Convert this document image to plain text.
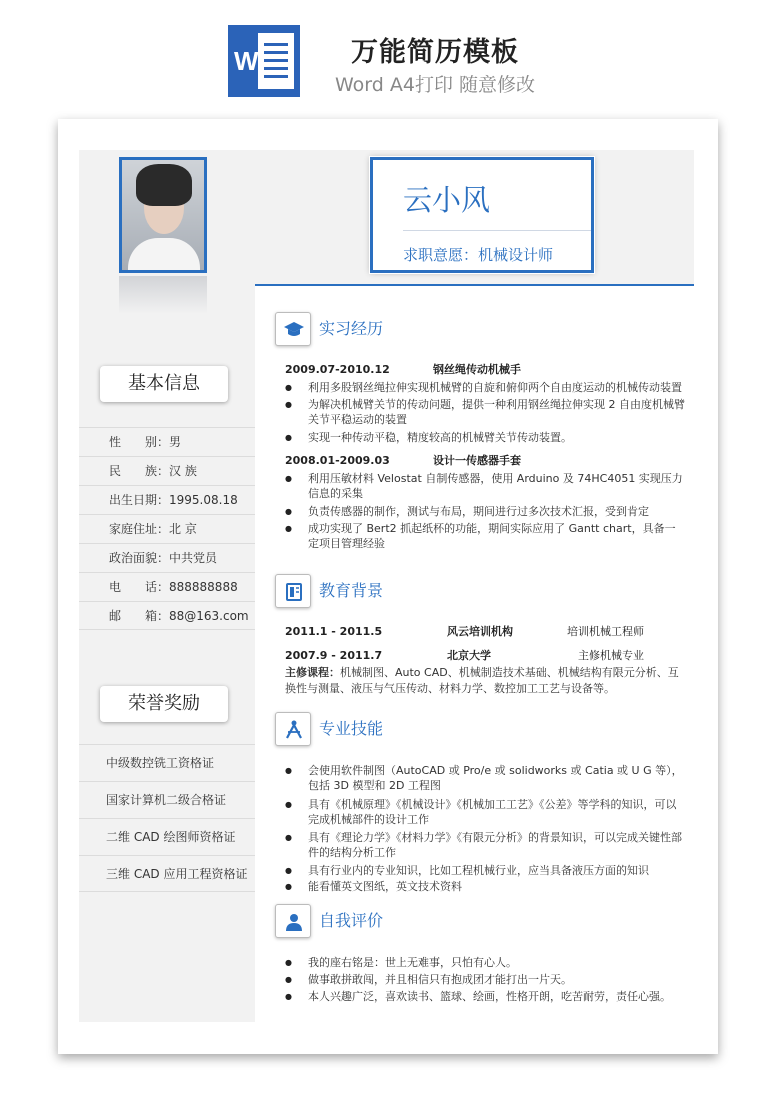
W	万能简历模板
Word A4打印 随意修改
云小风
求职意愿：机械设计师
基本信息
性　　别：男
民　　族：汉 族
出生日期：1995.08.18
家庭住址：北 京
政治面貌：中共党员
电　　话：888888888
邮　　箱：88@163.com
荣誉奖励
中级数控铣工资格证
国家计算机二级合格证
二维 CAD 绘图师资格证
三维 CAD 应用工程资格证
实习经历
2009.07-2010.12	钢丝绳传动机械手
● 利用多股钢丝绳拉伸实现机械臂的自旋和俯仰两个自由度运动的机械传动装置
● 为解决机械臂关节的传动问题，提供一种利用钢丝绳拉伸实现 2 自由度机械臂关节平稳运动的装置
● 实现一种传动平稳，精度较高的机械臂关节传动装置。
2008.01-2009.03	设计一传感器手套
● 利用压敏材料 Velostat 自制传感器，使用 Arduino 及 74HC4051 实现压力信息的采集
● 负责传感器的制作，测试与布局，期间进行过多次技术汇报，受到肯定
● 成功实现了 Bert2 抓起纸杯的功能，期间实际应用了 Gantt chart，具备一定项目管理经验
教育背景
2011.1 - 2011.5	风云培训机构	培训机械工程师
2007.9 - 2011.7	北京大学	主修机械专业
主修课程：机械制图、Auto CAD、机械制造技术基础、机械结构有限元分析、互换性与测量、液压与气压传动、材料力学、数控加工工艺与设备等。
专业技能
● 会使用软件制图（AutoCAD 或 Pro/e 或 solidworks 或 Catia 或 U G 等），包括 3D 模型和 2D 工程图
● 具有《机械原理》《机械设计》《机械加工工艺》《公差》等学科的知识，可以完成机械部件的设计工作
● 具有《理论力学》《材料力学》《有限元分析》的背景知识，可以完成关键性部件的结构分析工作
● 具有行业内的专业知识，比如工程机械行业，应当具备液压方面的知识
● 能看懂英文图纸，英文技术资料
自我评价
● 我的座右铭是：世上无难事，只怕有心人。
● 做事敢拼敢闯，并且相信只有抱成团才能打出一片天。
● 本人兴趣广泛，喜欢读书、篮球、绘画，性格开朗，吃苦耐劳，责任心强。
